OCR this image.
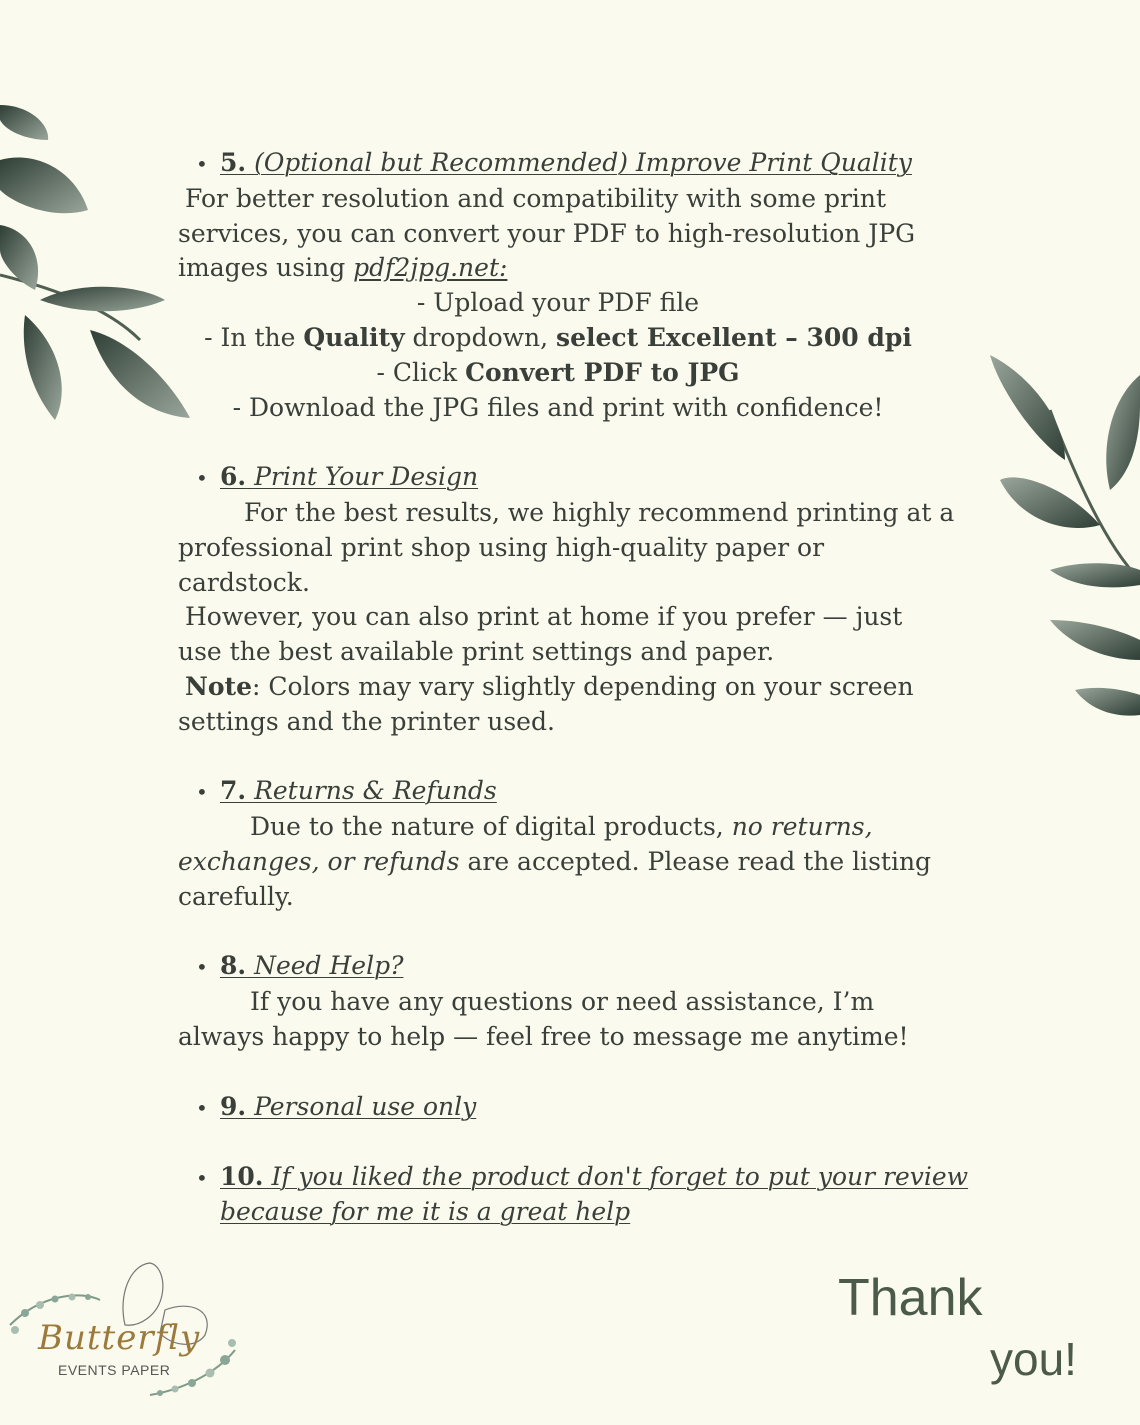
• 5. (Optional but Recommended) Improve Print Quality
For better resolution and compatibility with some print
services, you can convert your PDF to high-resolution JPG
images using pdf2jpg.net:
- Upload your PDF file
- In the Quality dropdown, select Excellent – 300 dpi
- Click Convert PDF to JPG
- Download the JPG files and print with confidence!
• 6. Print Your Design
For the best results, we highly recommend printing at a
professional print shop using high-quality paper or
cardstock.
However, you can also print at home if you prefer — just
use the best available print settings and paper.
Note: Colors may vary slightly depending on your screen
settings and the printer used.
• 7. Returns & Refunds
Due to the nature of digital products, no returns,
exchanges, or refunds are accepted. Please read the listing
carefully.
• 8. Need Help?
If you have any questions or need assistance, I’m
always happy to help — feel free to message me anytime!
• 9. Personal use only
• 10. If you liked the product don't forget to put your review
because for me it is a great help
Butterfly
EVENTS PAPER
Thank
you!
